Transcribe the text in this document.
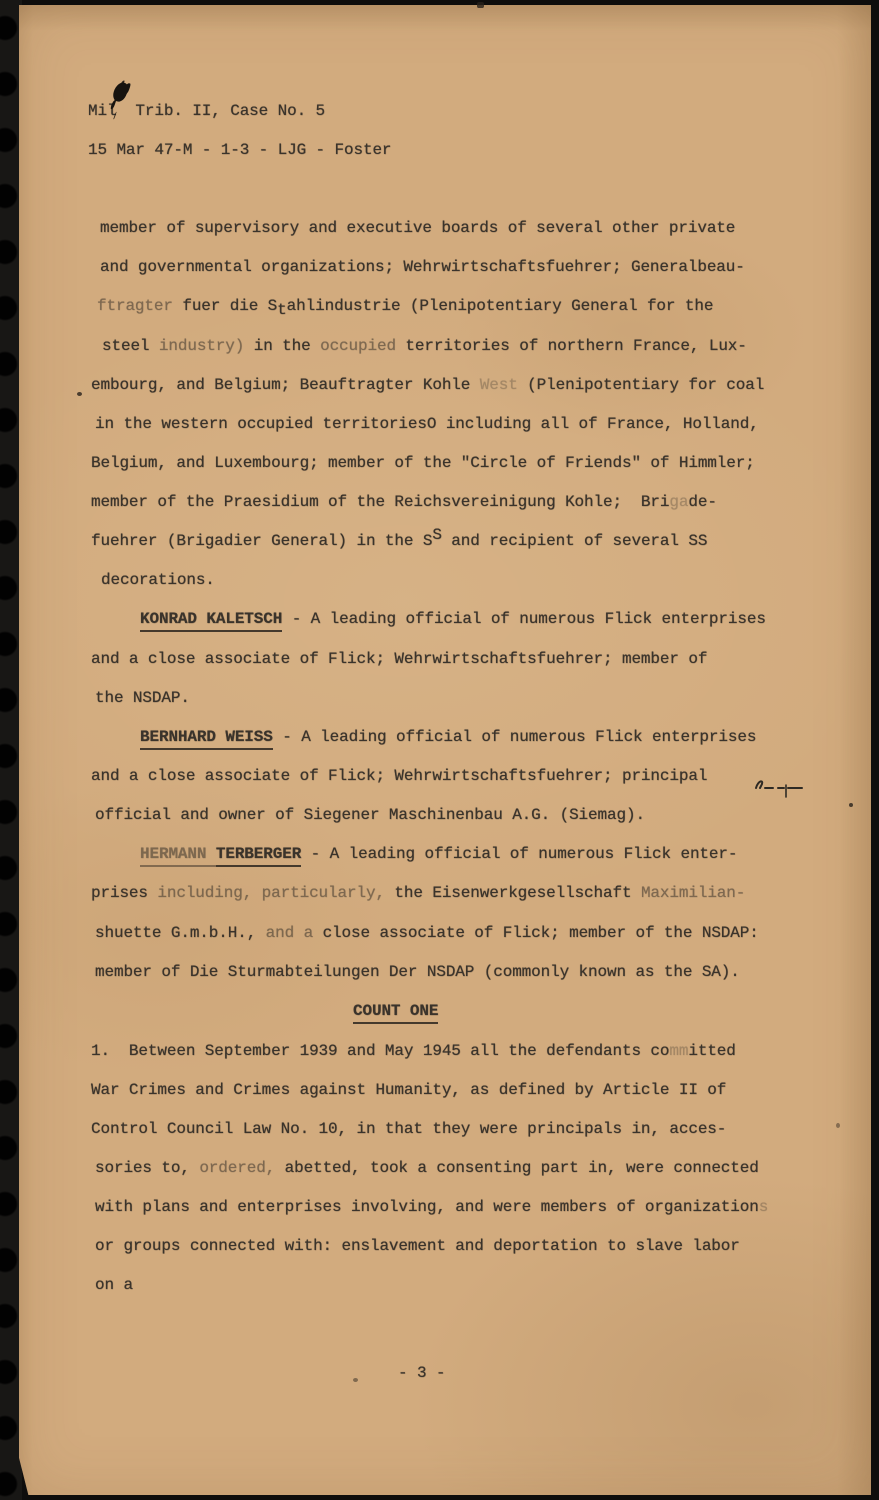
Mil  Trib. II, Case No. 5
15 Mar 47-M - 1-3 - LJG - Foster
member of supervisory and executive boards of several other private
and governmental organizations; Wehrwirtschaftsfuehrer; Generalbeau-
ftragter fuer die Stahlindustrie (Plenipotentiary General for the
steel industry) in the occupied territories of northern France, Lux-
embourg, and Belgium; Beauftragter Kohle West (Plenipotentiary for coal
in the western occupied territoriesO including all of France, Holland,
Belgium, and Luxembourg; member of the "Circle of Friends" of Himmler;
member of the Praesidium of the Reichsvereinigung Kohle;  Brigade-
fuehrer (Brigadier General) in the SS and recipient of several SS
decorations.
KONRAD KALETSCH - A leading official of numerous Flick enterprises
and a close associate of Flick; Wehrwirtschaftsfuehrer; member of
the NSDAP.
BERNHARD WEISS - A leading official of numerous Flick enterprises
and a close associate of Flick; Wehrwirtschaftsfuehrer; principal
official and owner of Siegener Maschinenbau A.G. (Siemag).
HERMANN TERBERGER - A leading official of numerous Flick enter-
prises including, particularly, the Eisenwerkgesellschaft Maximilian-
shuette G.m.b.H., and a close associate of Flick; member of the NSDAP:
member of Die Sturmabteilungen Der NSDAP (commonly known as the SA).
COUNT ONE
1.  Between September 1939 and May 1945 all the defendants committed
War Crimes and Crimes against Humanity, as defined by Article II of
Control Council Law No. 10, in that they were principals in, acces-
sories to, ordered, abetted, took a consenting part in, were connected
with plans and enterprises involving, and were members of organizations
or groups connected with: enslavement and deportation to slave labor
on a
- 3 -
